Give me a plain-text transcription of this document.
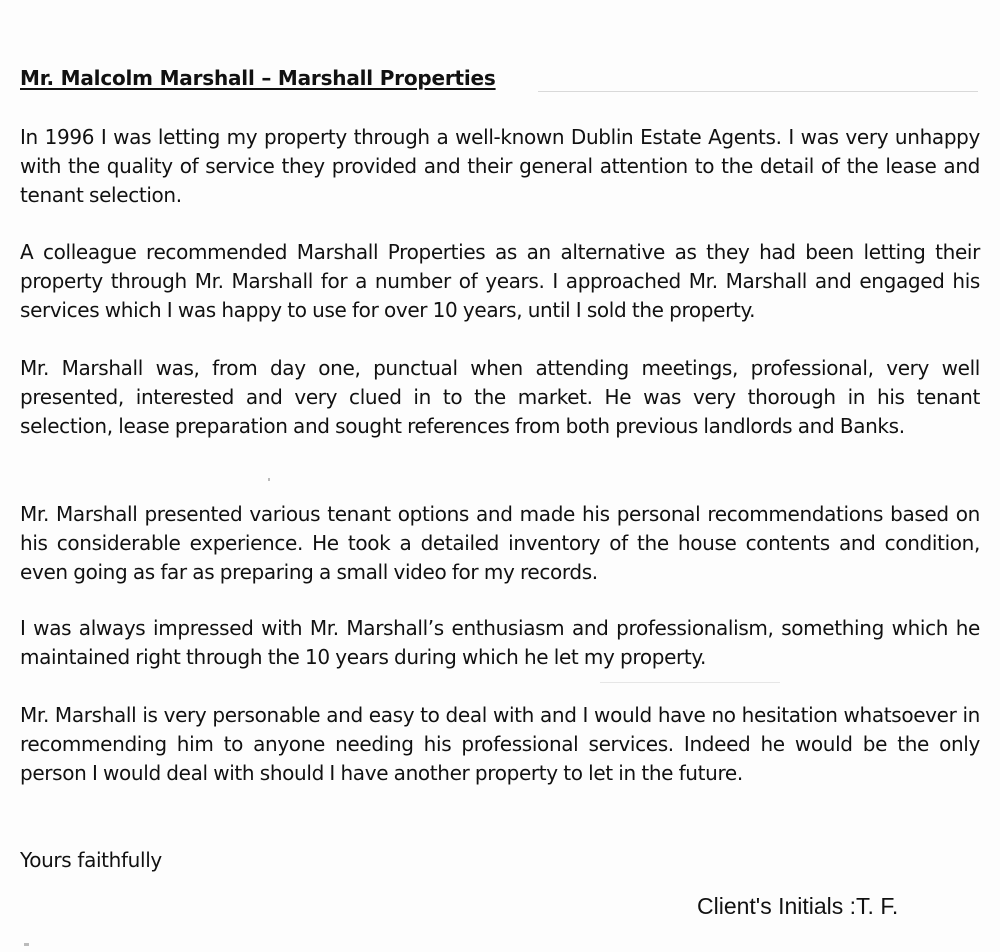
Mr. Malcolm Marshall – Marshall Properties

In 1996 I was letting my property through a well-known Dublin Estate Agents. I was very unhappy with the quality of service they provided and their general attention to the detail of the lease and tenant selection.

A colleague recommended Marshall Properties as an alternative as they had been letting their property through Mr. Marshall for a number of years. I approached Mr. Marshall and engaged his services which I was happy to use for over 10 years, until I sold the property.

Mr. Marshall was, from day one, punctual when attending meetings, professional, very well presented, interested and very clued in to the market. He was very thorough in his tenant selection, lease preparation and sought references from both previous landlords and Banks.

Mr. Marshall presented various tenant options and made his personal recommendations based on his considerable experience. He took a detailed inventory of the house contents and condition, even going as far as preparing a small video for my records.

I was always impressed with Mr. Marshall’s enthusiasm and professionalism, something which he maintained right through the 10 years during which he let my property.

Mr. Marshall is very personable and easy to deal with and I would have no hesitation whatsoever in recommending him to anyone needing his professional services. Indeed he would be the only person I would deal with should I have another property to let in the future.

Yours faithfully

Client's Initials :T. F.
